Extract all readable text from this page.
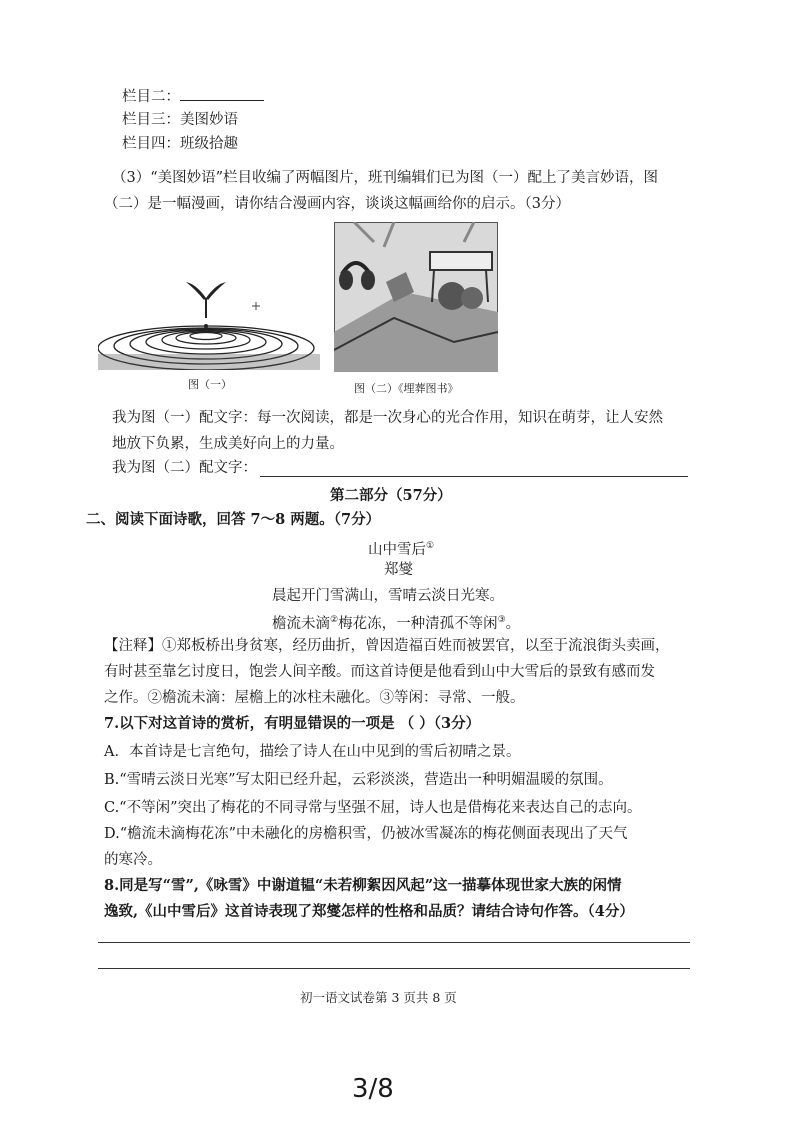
栏目二：
栏目三：美图妙语
栏目四：班级拾趣
（3）“美图妙语”栏目收编了两幅图片，班刊编辑们已为图（一）配上了美言妙语，图
（二）是一幅漫画，请你结合漫画内容，谈谈这幅画给你的启示。（3分）
图（一）	图（二）《埋葬图书》
我为图（一）配文字：每一次阅读，都是一次身心的光合作用，知识在萌芽，让人安然
地放下负累，生成美好向上的力量。
我为图（二）配文字：
第二部分（57分）
二、阅读下面诗歌，回答 7～8 两题。（7分）
山中雪后①
郑燮
晨起开门雪满山，雪晴云淡日光寒。
檐流未滴②梅花冻，一种清孤不等闲③。
【注释】①郑板桥出身贫寒，经历曲折，曾因造福百姓而被罢官，以至于流浪街头卖画，
有时甚至靠乞讨度日，饱尝人间辛酸。而这首诗便是他看到山中大雪后的景致有感而发
之作。②檐流未滴：屋檐上的冰柱未融化。③等闲：寻常、一般。
7.以下对这首诗的赏析，有明显错误的一项是 （ ）（3分）
A．本首诗是七言绝句，描绘了诗人在山中见到的雪后初晴之景。
B.“雪晴云淡日光寒”写太阳已经升起，云彩淡淡，营造出一种明媚温暖的氛围。
C.“不等闲”突出了梅花的不同寻常与坚强不屈，诗人也是借梅花来表达自己的志向。
D.“檐流未滴梅花冻”中未融化的房檐积雪，仍被冰雪凝冻的梅花侧面表现出了天气
的寒冷。
8.同是写“雪”,《咏雪》中谢道韫“未若柳絮因风起”这一描摹体现世家大族的闲情
逸致,《山中雪后》这首诗表现了郑燮怎样的性格和品质？请结合诗句作答。（4分）
初一语文试卷第 3 页共 8 页
3/8
